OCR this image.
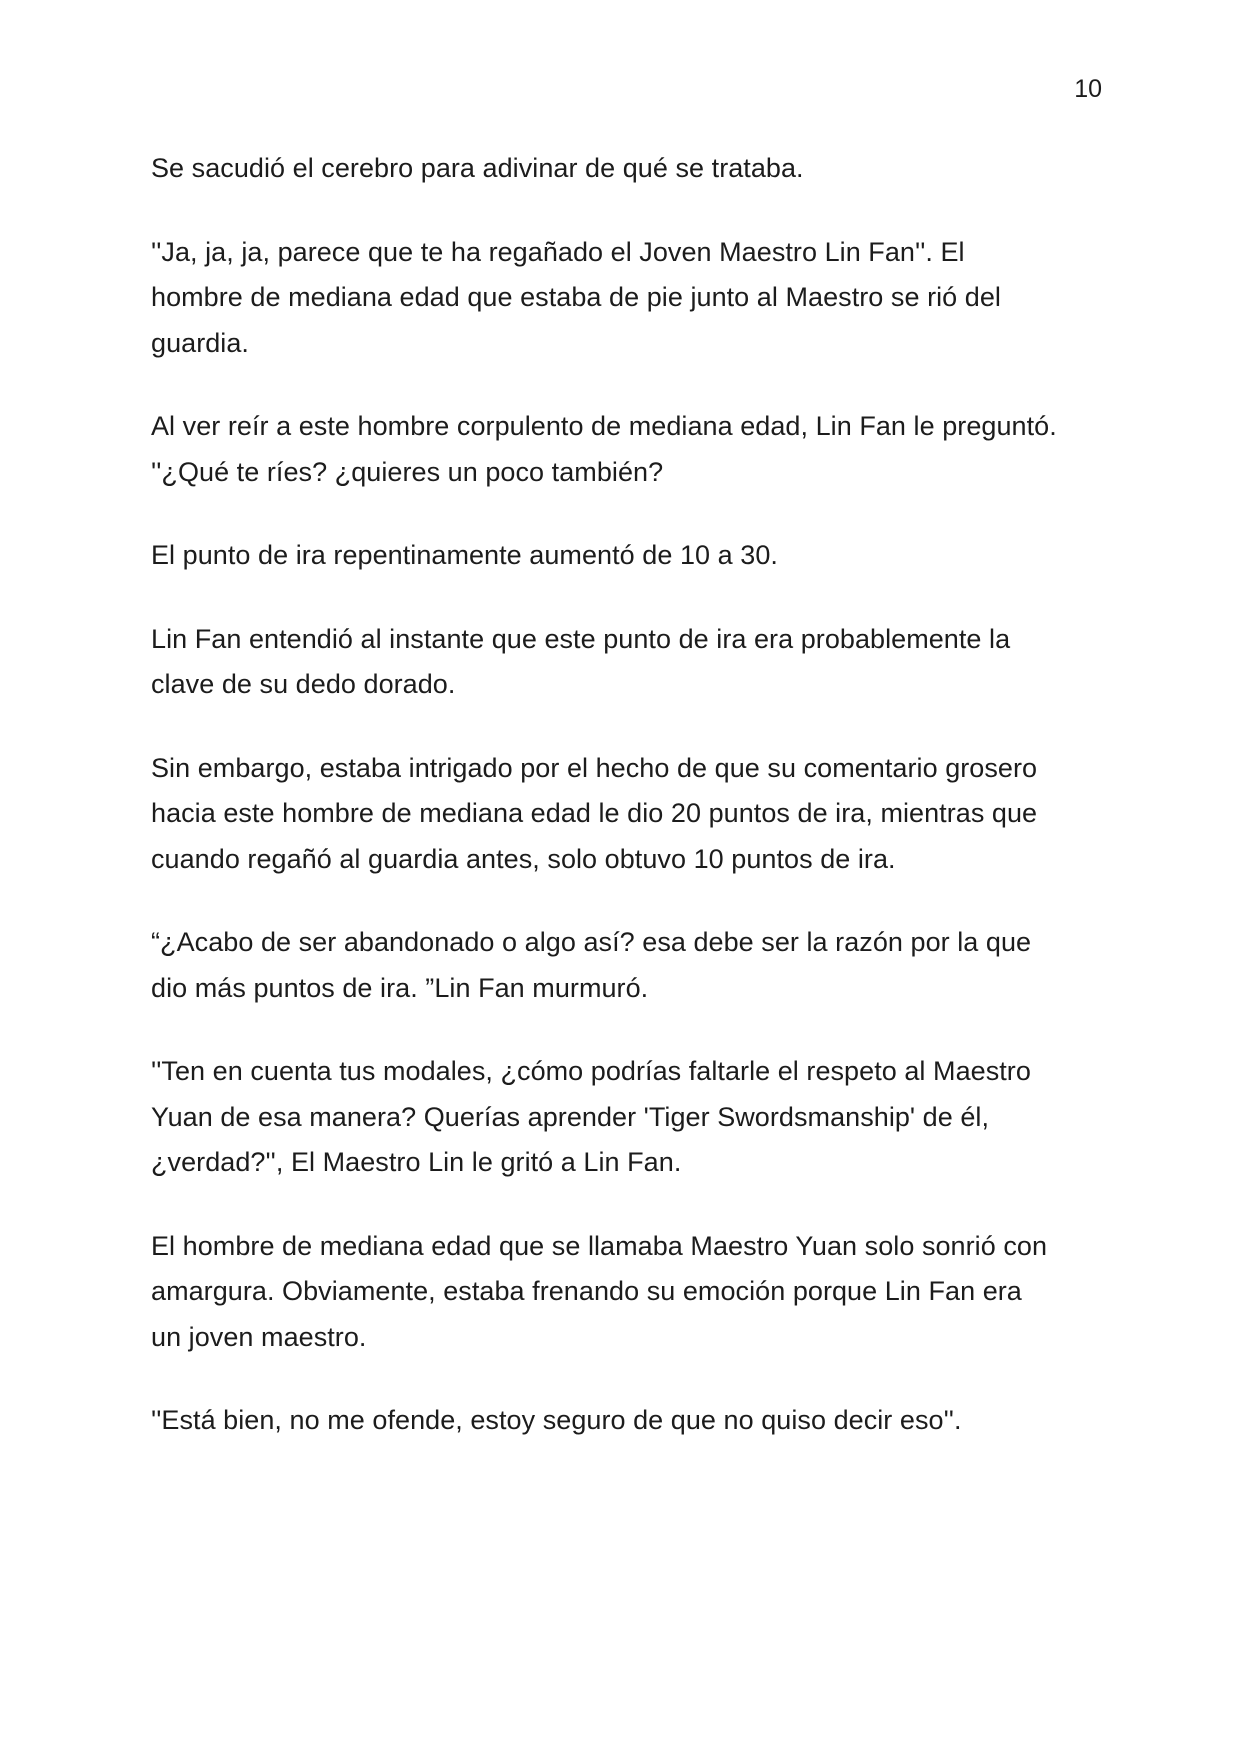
10

Se sacudió el cerebro para adivinar de qué se trataba.

''Ja, ja, ja, parece que te ha regañado el Joven Maestro Lin Fan''. El
hombre de mediana edad que estaba de pie junto al Maestro se rió del
guardia.

Al ver reír a este hombre corpulento de mediana edad, Lin Fan le preguntó.
''¿Qué te ríes? ¿quieres un poco también?

El punto de ira repentinamente aumentó de 10 a 30.

Lin Fan entendió al instante que este punto de ira era probablemente la
clave de su dedo dorado.

Sin embargo, estaba intrigado por el hecho de que su comentario grosero
hacia este hombre de mediana edad le dio 20 puntos de ira, mientras que
cuando regañó al guardia antes, solo obtuvo 10 puntos de ira.

“¿Acabo de ser abandonado o algo así? esa debe ser la razón por la que
dio más puntos de ira. ”Lin Fan murmuró.

''Ten en cuenta tus modales, ¿cómo podrías faltarle el respeto al Maestro
Yuan de esa manera? Querías aprender 'Tiger Swordsmanship' de él,
¿verdad?'', El Maestro Lin le gritó a Lin Fan.

El hombre de mediana edad que se llamaba Maestro Yuan solo sonrió con
amargura. Obviamente, estaba frenando su emoción porque Lin Fan era
un joven maestro.

''Está bien, no me ofende, estoy seguro de que no quiso decir eso''.
